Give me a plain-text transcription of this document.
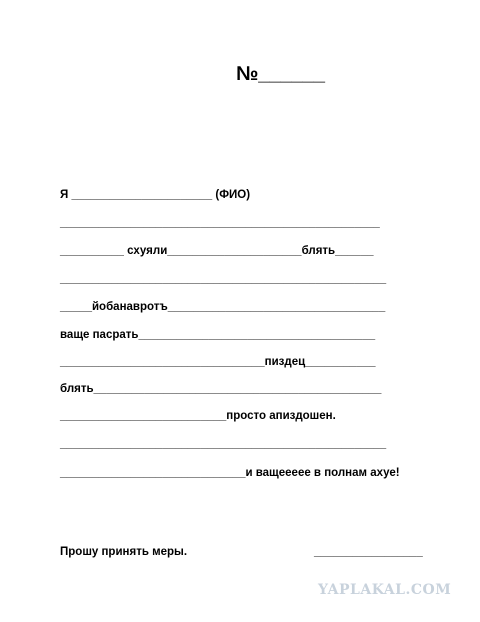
№______
Я ______________________ (ФИО)
__________________________________________________
__________ схуяли_____________________блять______
___________________________________________________
_____йобанавротъ__________________________________
ваще пасрать_____________________________________
________________________________пиздец___________
блять_____________________________________________
__________________________просто апиздошен.
___________________________________________________
_____________________________и ващееееe в полнам ахуе!
Прошу принять меры.	_________________
YAPLAKAL.COM
